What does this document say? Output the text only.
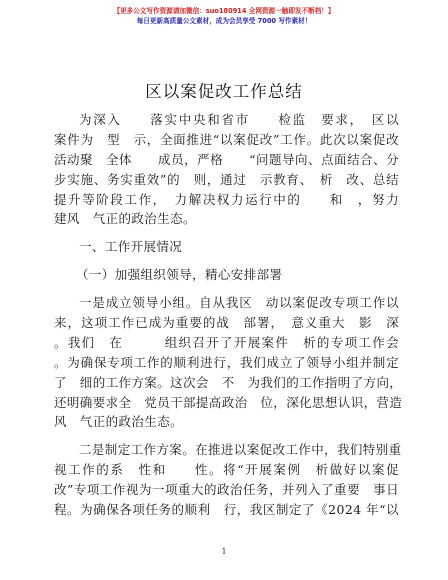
【更多公文写作资源请加微信：suo180914 全网资源一触即发不断档！】
每日更新高质量公文素材，成为会员享受 7000 写作素材！
区以案促改工作总结
为深入　　落实中央和省市　　检监　要求，　区以
案件为　型　示，全面推进“以案促改”工作。此次以案促改
活动聚　全体　　成员，严格　　“问题导向、点面结合、分
步实施、务实重效”的　则，通过　示教育、　析　改、总结
提升等阶段工作，　力解决权力运行中的　　和　，努力
建风　气正的政治生态。
一、工作开展情况
（一）加强组织领导，精心安排部署
一是成立领导小组。自从我区　动以案促改专项工作以
来，这项工作已成为重要的战　部署，　意义重大　影　深
。我们　在　　　组织召开了开展案件　析的专项工作会
。为确保专项工作的顺利进行，我们成立了领导小组并制定
了　细的工作方案。这次会　不　为我们的工作指明了方向，
还明确要求全　党员干部提高政治　位，深化思想认识，营造
风　气正的政治生态。
二是制定工作方案。在推进以案促改工作中，我们特别重
视工作的系　性和　　性。将“开展案例　析做好以案促
改”专项工作视为一项重大的政治任务，并列入了重要　事日
程。为确保各项任务的顺利　行，我区制定了《2024 年“以
1
